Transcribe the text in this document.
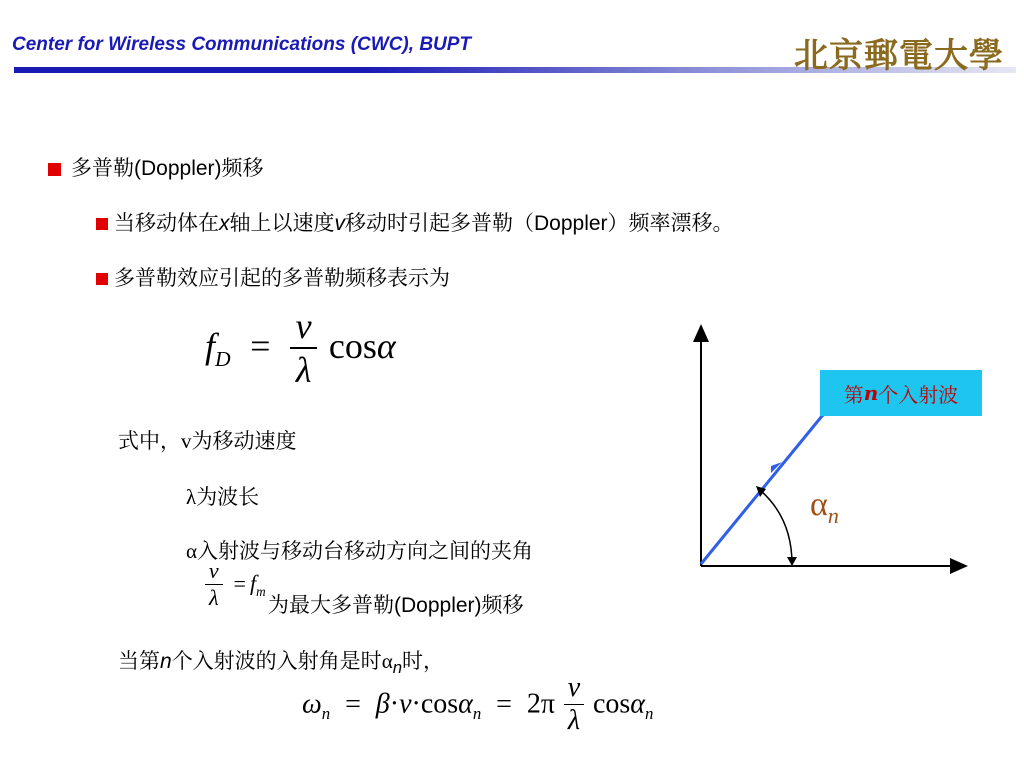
Center for Wireless Communications (CWC), BUPT	北京郵電大學
多普勒(Doppler)频移
当移动体在x轴上以速度v移动时引起多普勒（Doppler）频率漂移。
多普勒效应引起的多普勒频移表示为
$f_D = \frac{v}{\lambda}$ cosα
式中，v为移动速度
λ为波长
α入射波与移动台移动方向之间的夹角
$\frac{v}{\lambda} = f_m$
为最大多普勒(Doppler)频移
当第n个入射波的入射角是时$\alpha_n$时，
$\omega_n = \beta\cdot v\cdot\cos\alpha_n = 2\pi \frac{v}{\lambda} \cos\alpha_n$
第 n 个入射波
$\alpha_n$
